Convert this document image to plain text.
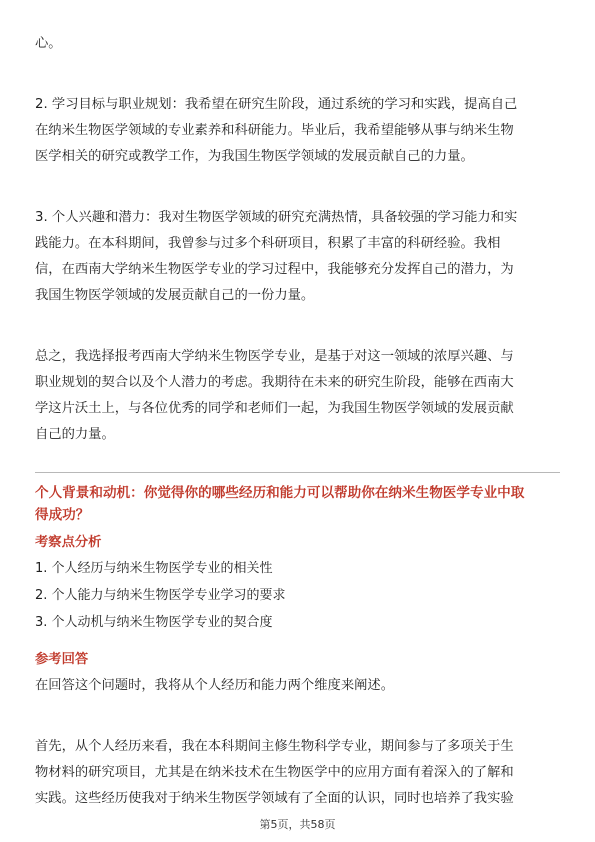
心。
2. 学习目标与职业规划：我希望在研究生阶段，通过系统的学习和实践，提高自己
在纳米生物医学领域的专业素养和科研能力。毕业后，我希望能够从事与纳米生物
医学相关的研究或教学工作，为我国生物医学领域的发展贡献自己的力量。
3. 个人兴趣和潜力：我对生物医学领域的研究充满热情，具备较强的学习能力和实
践能力。在本科期间，我曾参与过多个科研项目，积累了丰富的科研经验。我相
信，在西南大学纳米生物医学专业的学习过程中，我能够充分发挥自己的潜力，为
我国生物医学领域的发展贡献自己的一份力量。
总之，我选择报考西南大学纳米生物医学专业，是基于对这一领域的浓厚兴趣、与
职业规划的契合以及个人潜力的考虑。我期待在未来的研究生阶段，能够在西南大
学这片沃土上，与各位优秀的同学和老师们一起，为我国生物医学领域的发展贡献
自己的力量。
个人背景和动机：你觉得你的哪些经历和能力可以帮助你在纳米生物医学专业中取
得成功？
考察点分析
1. 个人经历与纳米生物医学专业的相关性
2. 个人能力与纳米生物医学专业学习的要求
3. 个人动机与纳米生物医学专业的契合度
参考回答
在回答这个问题时，我将从个人经历和能力两个维度来阐述。
首先，从个人经历来看，我在本科期间主修生物科学专业，期间参与了多项关于生
物材料的研究项目，尤其是在纳米技术在生物医学中的应用方面有着深入的了解和
实践。这些经历使我对于纳米生物医学领域有了全面的认识，同时也培养了我实验
第5页，共58页
